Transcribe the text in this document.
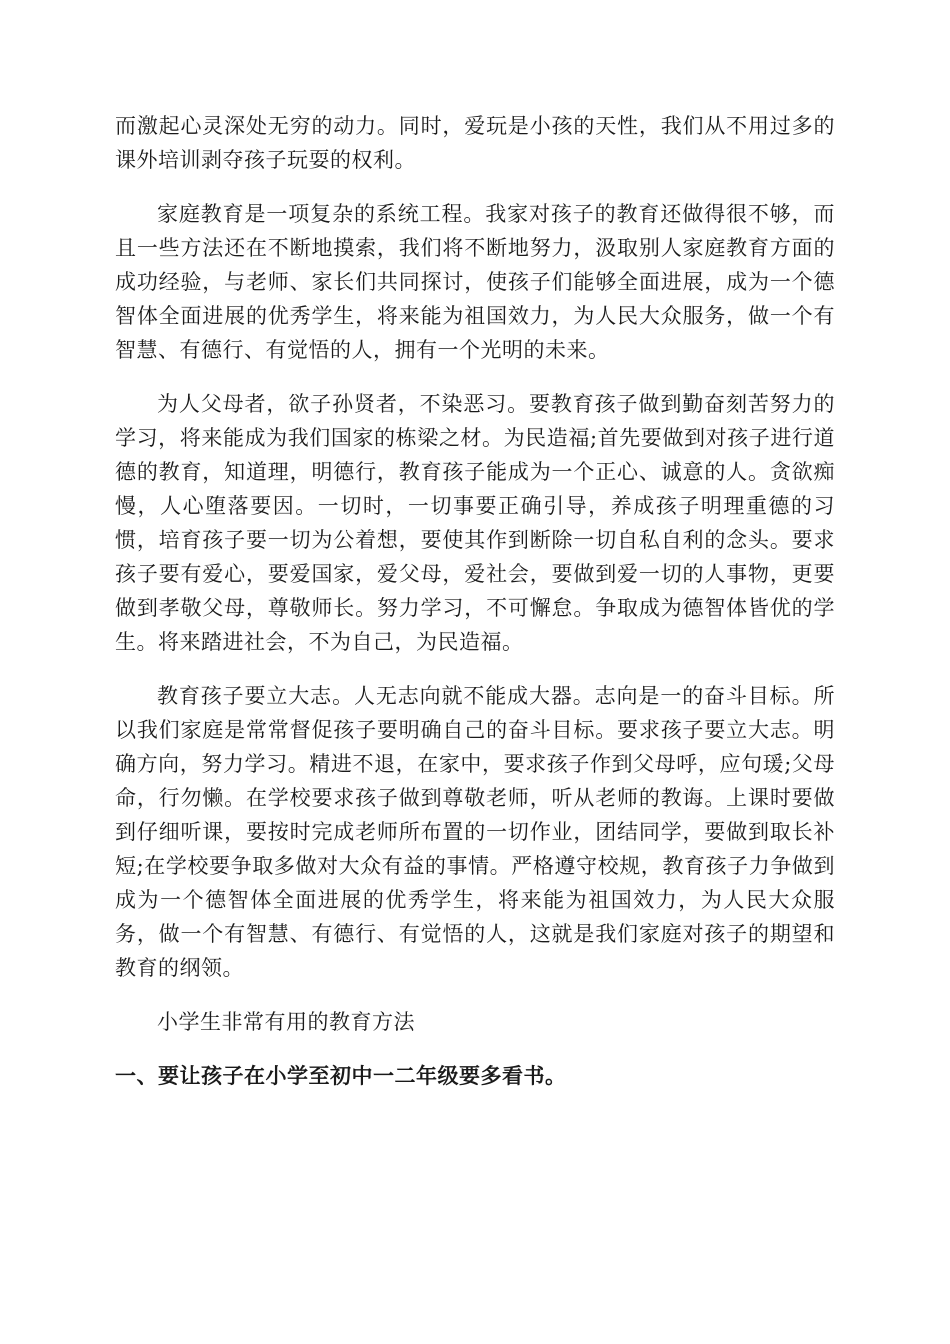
而激起心灵深处无穷的动力。同时，爱玩是小孩的天性，我们从不用过多的课外培训剥夺孩子玩耍的权利。

家庭教育是一项复杂的系统工程。我家对孩子的教育还做得很不够，而且一些方法还在不断地摸索，我们将不断地努力，汲取别人家庭教育方面的成功经验，与老师、家长们共同探讨，使孩子们能够全面进展，成为一个德智体全面进展的优秀学生，将来能为祖国效力，为人民大众服务，做一个有智慧、有德行、有觉悟的人，拥有一个光明的未来。

为人父母者，欲子孙贤者，不染恶习。要教育孩子做到勤奋刻苦努力的学习，将来能成为我们国家的栋梁之材。为民造福;首先要做到对孩子进行道德的教育，知道理，明德行，教育孩子能成为一个正心、诚意的人。贪欲痴慢，人心堕落要因。一切时，一切事要正确引导，养成孩子明理重德的习惯，培育孩子要一切为公着想，要使其作到断除一切自私自利的念头。要求孩子要有爱心，要爱国家，爱父母，爱社会，要做到爱一切的人事物，更要做到孝敬父母，尊敬师长。努力学习，不可懈怠。争取成为德智体皆优的学生。将来踏进社会，不为自己，为民造福。

教育孩子要立大志。人无志向就不能成大器。志向是一的奋斗目标。所以我们家庭是常常督促孩子要明确自己的奋斗目标。要求孩子要立大志。明确方向，努力学习。精进不退，在家中，要求孩子作到父母呼，应句瑗;父母命，行勿懒。在学校要求孩子做到尊敬老师，听从老师的教诲。上课时要做到仔细听课，要按时完成老师所布置的一切作业，团结同学，要做到取长补短;在学校要争取多做对大众有益的事情。严格遵守校规，教育孩子力争做到成为一个德智体全面进展的优秀学生，将来能为祖国效力，为人民大众服务，做一个有智慧、有德行、有觉悟的人，这就是我们家庭对孩子的期望和教育的纲领。

小学生非常有用的教育方法

一、要让孩子在小学至初中一二年级要多看书。
